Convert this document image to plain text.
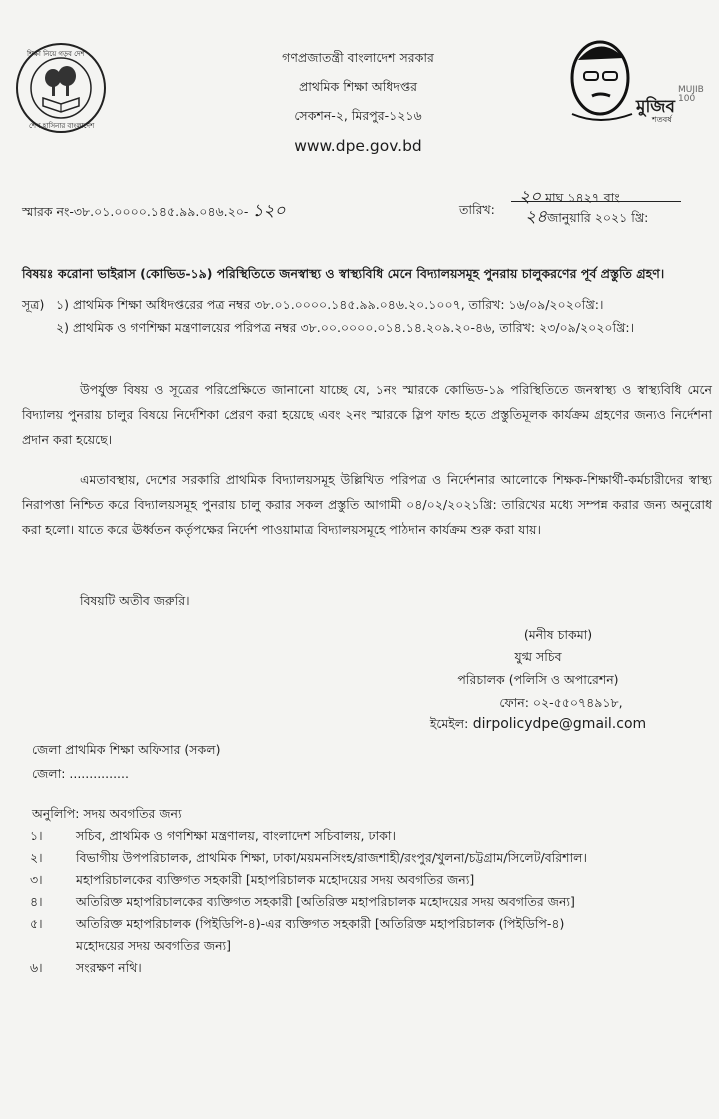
শিক্ষা নিয়ে গড়ব দেশ
শেখ হাসিনার বাংলাদেশ
গণপ্রজাতন্ত্রী বাংলাদেশ সরকার
প্রাথমিক শিক্ষা অধিদপ্তর
সেকশন-২, মিরপুর-১২১৬
www.dpe.gov.bd
মুজিব
শতবর্ষ
MUJIB 100
স্মারক নং-৩৮.০১.০০০০.১৪৫.৯৯.০৪৬.২০- ১২০	তারিখ:
২০ মাঘ ১৪২৭ বাং
২৪জানুয়ারি ২০২১ খ্রি:
বিষয়ঃ করোনা ভাইরাস (কোভিড-১৯) পরিস্থিতিতে জনস্বাস্থ্য ও স্বাস্থ্যবিধি মেনে বিদ্যালয়সমূহ পুনরায় চালুকরণের পূর্ব প্রস্তুতি গ্রহণ।
সূত্র) ১) প্রাথমিক শিক্ষা অধিদপ্তরের পত্র নম্বর ৩৮.০১.০০০০.১৪৫.৯৯.০৪৬.২০.১০০৭, তারিখ: ১৬/০৯/২০২০খ্রি:।
২) প্রাথমিক ও গণশিক্ষা মন্ত্রণালয়ের পরিপত্র নম্বর ৩৮.০০.০০০০.০১৪.১৪.২০৯.২০-৪৬, তারিখ: ২৩/০৯/২০২০খ্রি:।
উপর্যুক্ত বিষয় ও সূত্রের পরিপ্রেক্ষিতে জানানো যাচ্ছে যে, ১নং স্মারকে কোভিড-১৯ পরিস্থিতিতে জনস্বাস্থ্য ও স্বাস্থ্যবিধি মেনে বিদ্যালয় পুনরায় চালুর বিষয়ে নির্দেশিকা প্রেরণ করা হয়েছে এবং ২নং স্মারকে স্লিপ ফান্ড হতে প্রস্তুতিমূলক কার্যক্রম গ্রহণের জন্যও নির্দেশনা প্রদান করা হয়েছে।
এমতাবস্থায়, দেশের সরকারি প্রাথমিক বিদ্যালয়সমূহ উল্লিখিত পরিপত্র ও নির্দেশনার আলোকে শিক্ষক-শিক্ষার্থী-কর্মচারীদের স্বাস্থ্য নিরাপত্তা নিশ্চিত করে বিদ্যালয়সমূহ পুনরায় চালু করার সকল প্রস্তুতি আগামী ০৪/০২/২০২১খ্রি: তারিখের মধ্যে সম্পন্ন করার জন্য অনুরোধ করা হলো। যাতে করে ঊর্ধ্বতন কর্তৃপক্ষের নির্দেশ পাওয়ামাত্র বিদ্যালয়সমূহে পাঠদান কার্যক্রম শুরু করা যায়।
বিষয়টি অতীব জরুরি।
(মনীষ চাকমা)
যুগ্ম সচিব
পরিচালক (পলিসি ও অপারেশন)
ফোন: ০২-৫৫০৭৪৯১৮,
ইমেইল: dirpolicydpe@gmail.com
জেলা প্রাথমিক শিক্ষা অফিসার (সকল)
জেলা: ...............
অনুলিপি: সদয় অবগতির জন্য
১।	সচিব, প্রাথমিক ও গণশিক্ষা মন্ত্রণালয়, বাংলাদেশ সচিবালয়, ঢাকা।
২।	বিভাগীয় উপপরিচালক, প্রাথমিক শিক্ষা, ঢাকা/ময়মনসিংহ/রাজশাহী/রংপুর/খুলনা/চট্টগ্রাম/সিলেট/বরিশাল।
৩।	মহাপরিচালকের ব্যক্তিগত সহকারী [মহাপরিচালক মহোদয়ের সদয় অবগতির জন্য]
৪।	অতিরিক্ত মহাপরিচালকের ব্যক্তিগত সহকারী [অতিরিক্ত মহাপরিচালক মহোদয়ের সদয় অবগতির জন্য]
৫।	অতিরিক্ত মহাপরিচালক (পিইডিপি-৪)-এর ব্যক্তিগত সহকারী [অতিরিক্ত মহাপরিচালক (পিইডিপি-৪)
মহোদয়ের সদয় অবগতির জন্য]
৬।	সংরক্ষণ নথি।
